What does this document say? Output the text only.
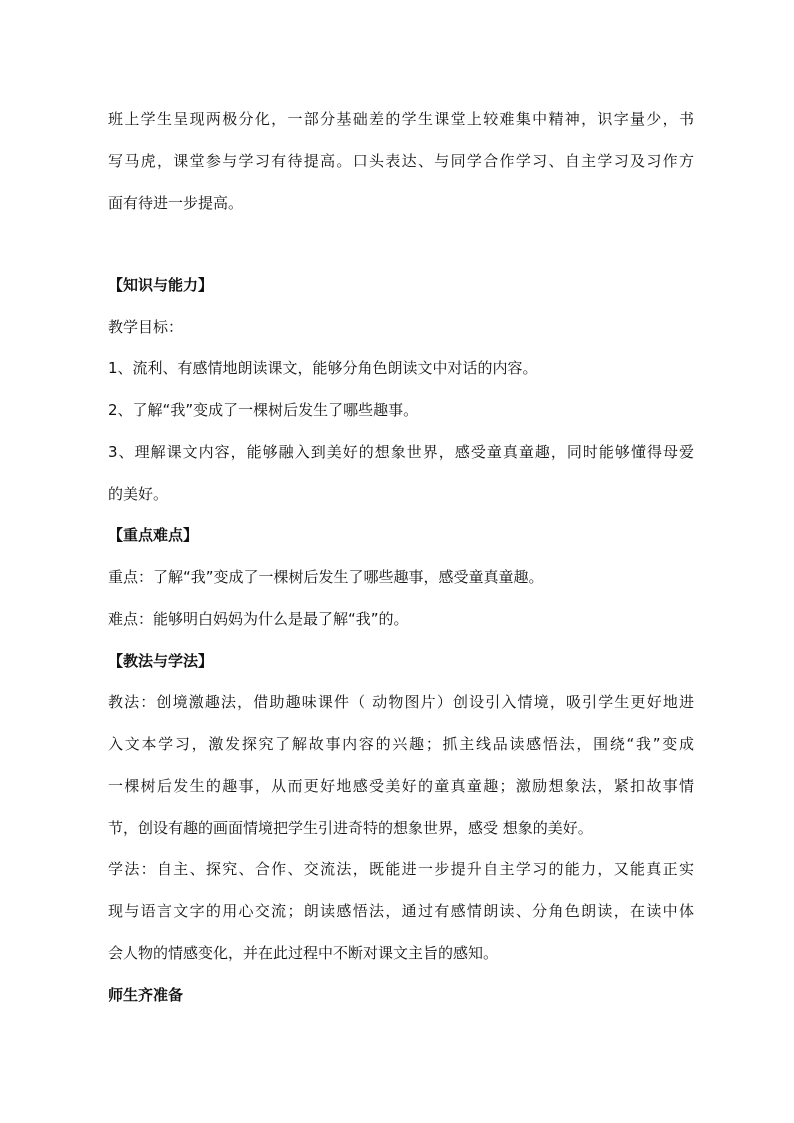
班上学生呈现两极分化，一部分基础差的学生课堂上较难集中精神，识字量少，书
写马虎，课堂参与学习有待提高。口头表达、与同学合作学习、自主学习及习作方
面有待进一步提高。
【知识与能力】
教学目标：
1、流利、有感情地朗读课文，能够分角色朗读文中对话的内容。
2、了解“我”变成了一棵树后发生了哪些趣事。
3、理解课文内容，能够融入到美好的想象世界，感受童真童趣，同时能够懂得母爱
的美好。
【重点难点】
重点：了解“我”变成了一棵树后发生了哪些趣事，感受童真童趣。
难点：能够明白妈妈为什么是最了解“我”的。
【教法与学法】
教法：创境激趣法，借助趣味课件（ 动物图片）创设引入情境，吸引学生更好地进
入文本学习，激发探究了解故事内容的兴趣；抓主线品读感悟法，围绕“我”变成
一棵树后发生的趣事，从而更好地感受美好的童真童趣；激励想象法，紧扣故事情
节，创设有趣的画面情境把学生引进奇特的想象世界，感受 想象的美好。
学法：自主、探究、合作、交流法，既能进一步提升自主学习的能力，又能真正实
现与语言文字的用心交流；朗读感悟法，通过有感情朗读、分角色朗读，在读中体
会人物的情感变化，并在此过程中不断对课文主旨的感知。
师生齐准备
